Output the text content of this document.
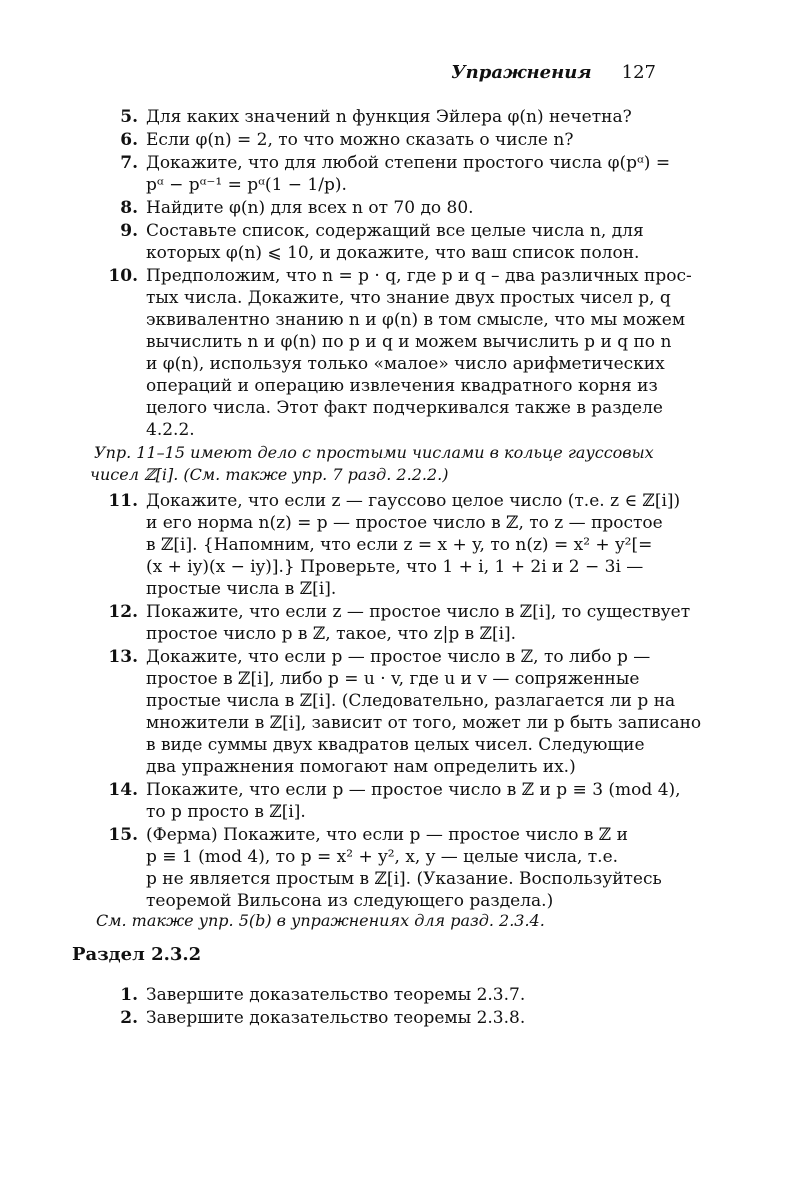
Упражнения 127
5. Для каких значений n функция Эйлера φ(n) нечетна?
6. Если φ(n) = 2, то что можно сказать о числе n?
7. Докажите, что для любой степени простого числа φ(pᵅ) =
pᵅ − pᵅ⁻¹ = pᵅ(1 − 1/p).
8. Найдите φ(n) для всех n от 70 до 80.
9. Составьте список, содержащий все целые числа n, для
которых φ(n) ⩽ 10, и докажите, что ваш список полон.
10. Предположим, что n = p · q, где p и q – два различных прос-
тых числа. Докажите, что знание двух простых чисел p, q
эквивалентно знанию n и φ(n) в том смысле, что мы можем
вычислить n и φ(n) по p и q и можем вычислить p и q по n
и φ(n), используя только «малое» число арифметических
операций и операцию извлечения квадратного корня из
целого числа. Этот факт подчеркивался также в разделе
4.2.2.
Упр. 11–15 имеют дело с простыми числами в кольце гауссовых
чисел ℤ[i]. (См. также упр. 7 разд. 2.2.2.)
11. Докажите, что если z — гауссово целое число (т.е. z ∈ ℤ[i])
и его норма n(z) = p — простое число в ℤ, то z — простое
в ℤ[i]. {Напомним, что если z = x + y, то n(z) = x² + y²[=
(x + iy)(x − iy)].} Проверьте, что 1 + i, 1 + 2i и 2 − 3i —
простые числа в ℤ[i].
12. Покажите, что если z — простое число в ℤ[i], то существует
простое число p в ℤ, такое, что z|p в ℤ[i].
13. Докажите, что если p — простое число в ℤ, то либо p —
простое в ℤ[i], либо p = u · v, где u и v — сопряженные
простые числа в ℤ[i]. (Следовательно, разлагается ли p на
множители в ℤ[i], зависит от того, может ли p быть записано
в виде суммы двух квадратов целых чисел. Следующие
два упражнения помогают нам определить их.)
14. Покажите, что если p — простое число в ℤ и p ≡ 3 (mod 4),
то p просто в ℤ[i].
15. (Ферма) Покажите, что если p — простое число в ℤ и
p ≡ 1 (mod 4), то p = x² + y², x, y — целые числа, т.е.
p не является простым в ℤ[i]. (Указание. Воспользуйтесь
теоремой Вильсона из следующего раздела.)
См. также упр. 5(b) в упражнениях для разд. 2.3.4.
Раздел 2.3.2
1. Завершите доказательство теоремы 2.3.7.
2. Завершите доказательство теоремы 2.3.8.
